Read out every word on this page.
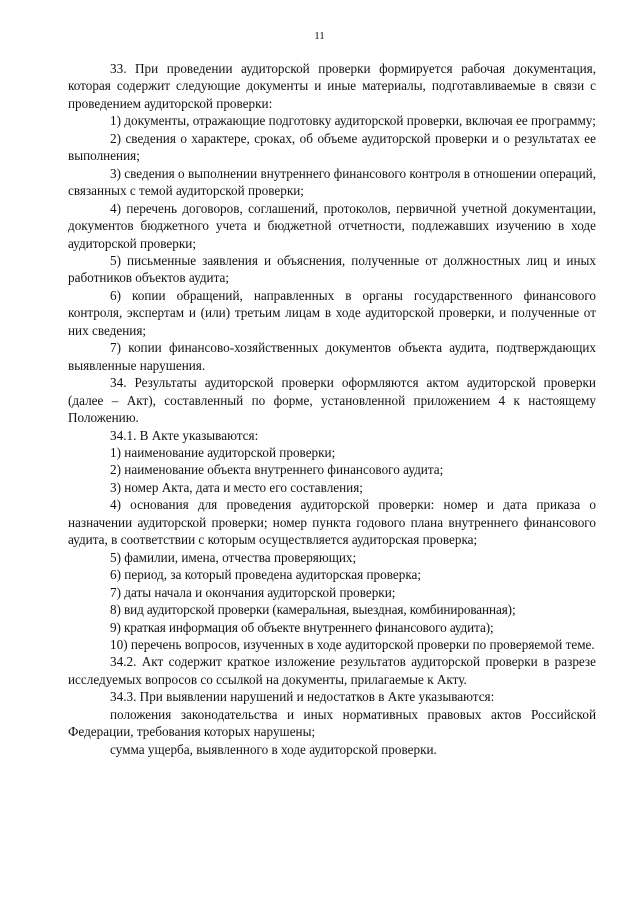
11

33. При проведении аудиторской проверки формируется рабочая документация, которая содержит следующие документы и иные материалы, подготавливаемые в связи с проведением аудиторской проверки:

1) документы, отражающие подготовку аудиторской проверки, включая ее программу;

2) сведения о характере, сроках, об объеме аудиторской проверки и о результатах ее выполнения;

3) сведения о выполнении внутреннего финансового контроля в отношении операций, связанных с темой аудиторской проверки;

4) перечень договоров, соглашений, протоколов, первичной учетной документации, документов бюджетного учета и бюджетной отчетности, подлежавших изучению в ходе аудиторской проверки;

5) письменные заявления и объяснения, полученные от должностных лиц и иных работников объектов аудита;

6) копии обращений, направленных в органы государственного финансового контроля, экспертам и (или) третьим лицам в ходе аудиторской проверки, и полученные от них сведения;

7) копии финансово-хозяйственных документов объекта аудита, подтверждающих выявленные нарушения.

34. Результаты аудиторской проверки оформляются актом аудиторской проверки (далее – Акт), составленный по форме, установленной приложением 4 к настоящему Положению.

34.1. В Акте указываются:

1) наименование аудиторской проверки;

2) наименование объекта внутреннего финансового аудита;

3) номер Акта, дата и место его составления;

4) основания для проведения аудиторской проверки: номер и дата приказа о назначении аудиторской проверки; номер пункта годового плана внутреннего финансового аудита, в соответствии с которым осуществляется аудиторская проверка;

5) фамилии, имена, отчества проверяющих;

6) период, за который проведена аудиторская проверка;

7) даты начала и окончания аудиторской проверки;

8) вид аудиторской проверки (камеральная, выездная, комбинированная);

9) краткая информация об объекте внутреннего финансового аудита);

10) перечень вопросов, изученных в ходе аудиторской проверки по проверяемой теме.

34.2. Акт содержит краткое изложение результатов аудиторской проверки в разрезе исследуемых вопросов со ссылкой на документы, прилагаемые к Акту.

34.3. При выявлении нарушений и недостатков в Акте указываются:

положения законодательства и иных нормативных правовых актов Российской Федерации, требования которых нарушены;

сумма ущерба, выявленного в ходе аудиторской проверки.
